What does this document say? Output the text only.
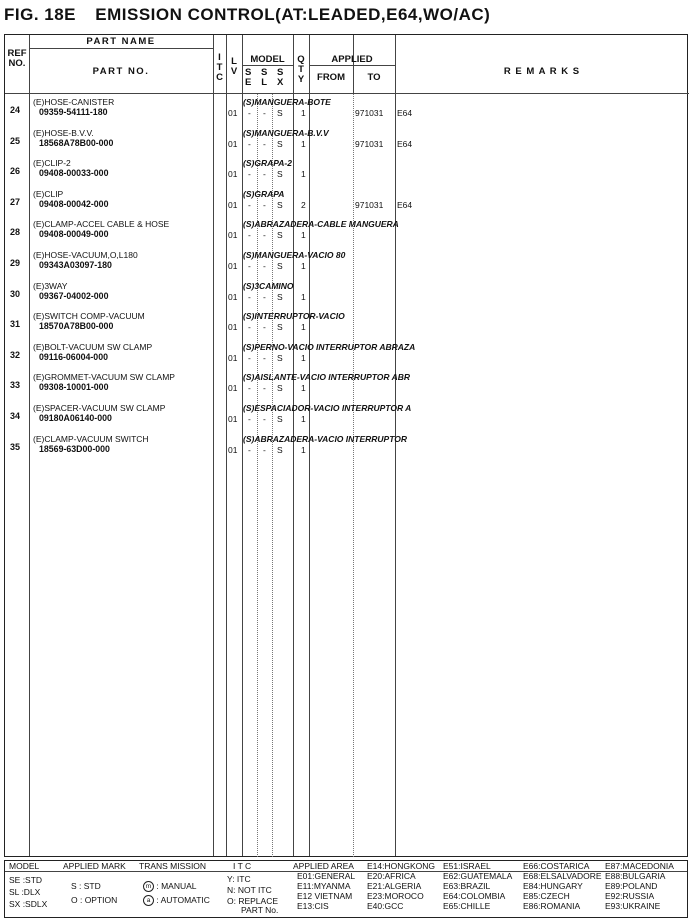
FIG. 18E EMISSION CONTROL(AT:LEADED,E64,WO/AC)
REF
NO.
PART NAME
PART NO.
I
T
C
L
V
MODEL
S
E
S
L
S
X
Q
T
Y
APPLIED
FROM	TO
R E M A R K S
24
(E)HOSE-CANISTER
09359-54111-180
(S)MANGUERA-BOTE
01 - - S 1	971031 E64
25
(E)HOSE-B.V.V.
18568A78B00-000
(S)MANGUERA-B.V.V
01 - - S 1	971031 E64
26
(E)CLIP-2
09408-00033-000
(S)GRAPA-2
01 - - S 1
27
(E)CLIP
09408-00042-000
(S)GRAPA
01 - - S 2	971031 E64
28
(E)CLAMP-ACCEL CABLE & HOSE
09408-00049-000
(S)ABRAZADERA-CABLE MANGUERA
01 - - S 1
29
(E)HOSE-VACUUM,O,L180
09343A03097-180
(S)MANGUERA-VACIO 80
01 - - S 1
30
(E)3WAY
09367-04002-000
(S)3CAMINO
01 - - S 1
31
(E)SWITCH COMP-VACUUM
18570A78B00-000
(S)INTERRUPTOR-VACIO
01 - - S 1
32
(E)BOLT-VACUUM SW CLAMP
09116-06004-000
(S)PERNO-VACIO INTERRUPTOR ABRAZA
01 - - S 1
33
(E)GROMMET-VACUUM SW CLAMP
09308-10001-000
(S)AISLANTE-VACIO INTERRUPTOR ABR
01 - - S 1
34
(E)SPACER-VACUUM SW CLAMP
09180A06140-000
(S)ESPACIADOR-VACIO INTERRUPTOR A
01 - - S 1
35
(E)CLAMP-VACUUM SWITCH
18569-63D00-000
(S)ABRAZADERA-VACIO INTERRUPTOR
01 - - S 1
MODEL	APPLIED MARK TRANS MISSION	I T C	APPLIED AREA
SE :STD
SL :DLX
SX :SDLX
S : STD
O : OPTION
m : MANUAL
a : AUTOMATIC
Y: ITC
N: NOT ITC
O: REPLACE
PART No.
E01:GENERAL
E11:MYANMA
E12 VIETNAM
E13:CIS
E14:HONGKONG
E20:AFRICA
E21:ALGERIA
E23:MOROCO
E40:GCC
E51:ISRAEL
E62:GUATEMALA
E63:BRAZIL
E64:COLOMBIA
E65:CHILLE
E66:COSTARICA
E68:ELSALVADORE
E84:HUNGARY
E85:CZECH
E86:ROMANIA
E87:MACEDONIA
E88:BULGARIA
E89:POLAND
E92:RUSSIA
E93:UKRAINE
